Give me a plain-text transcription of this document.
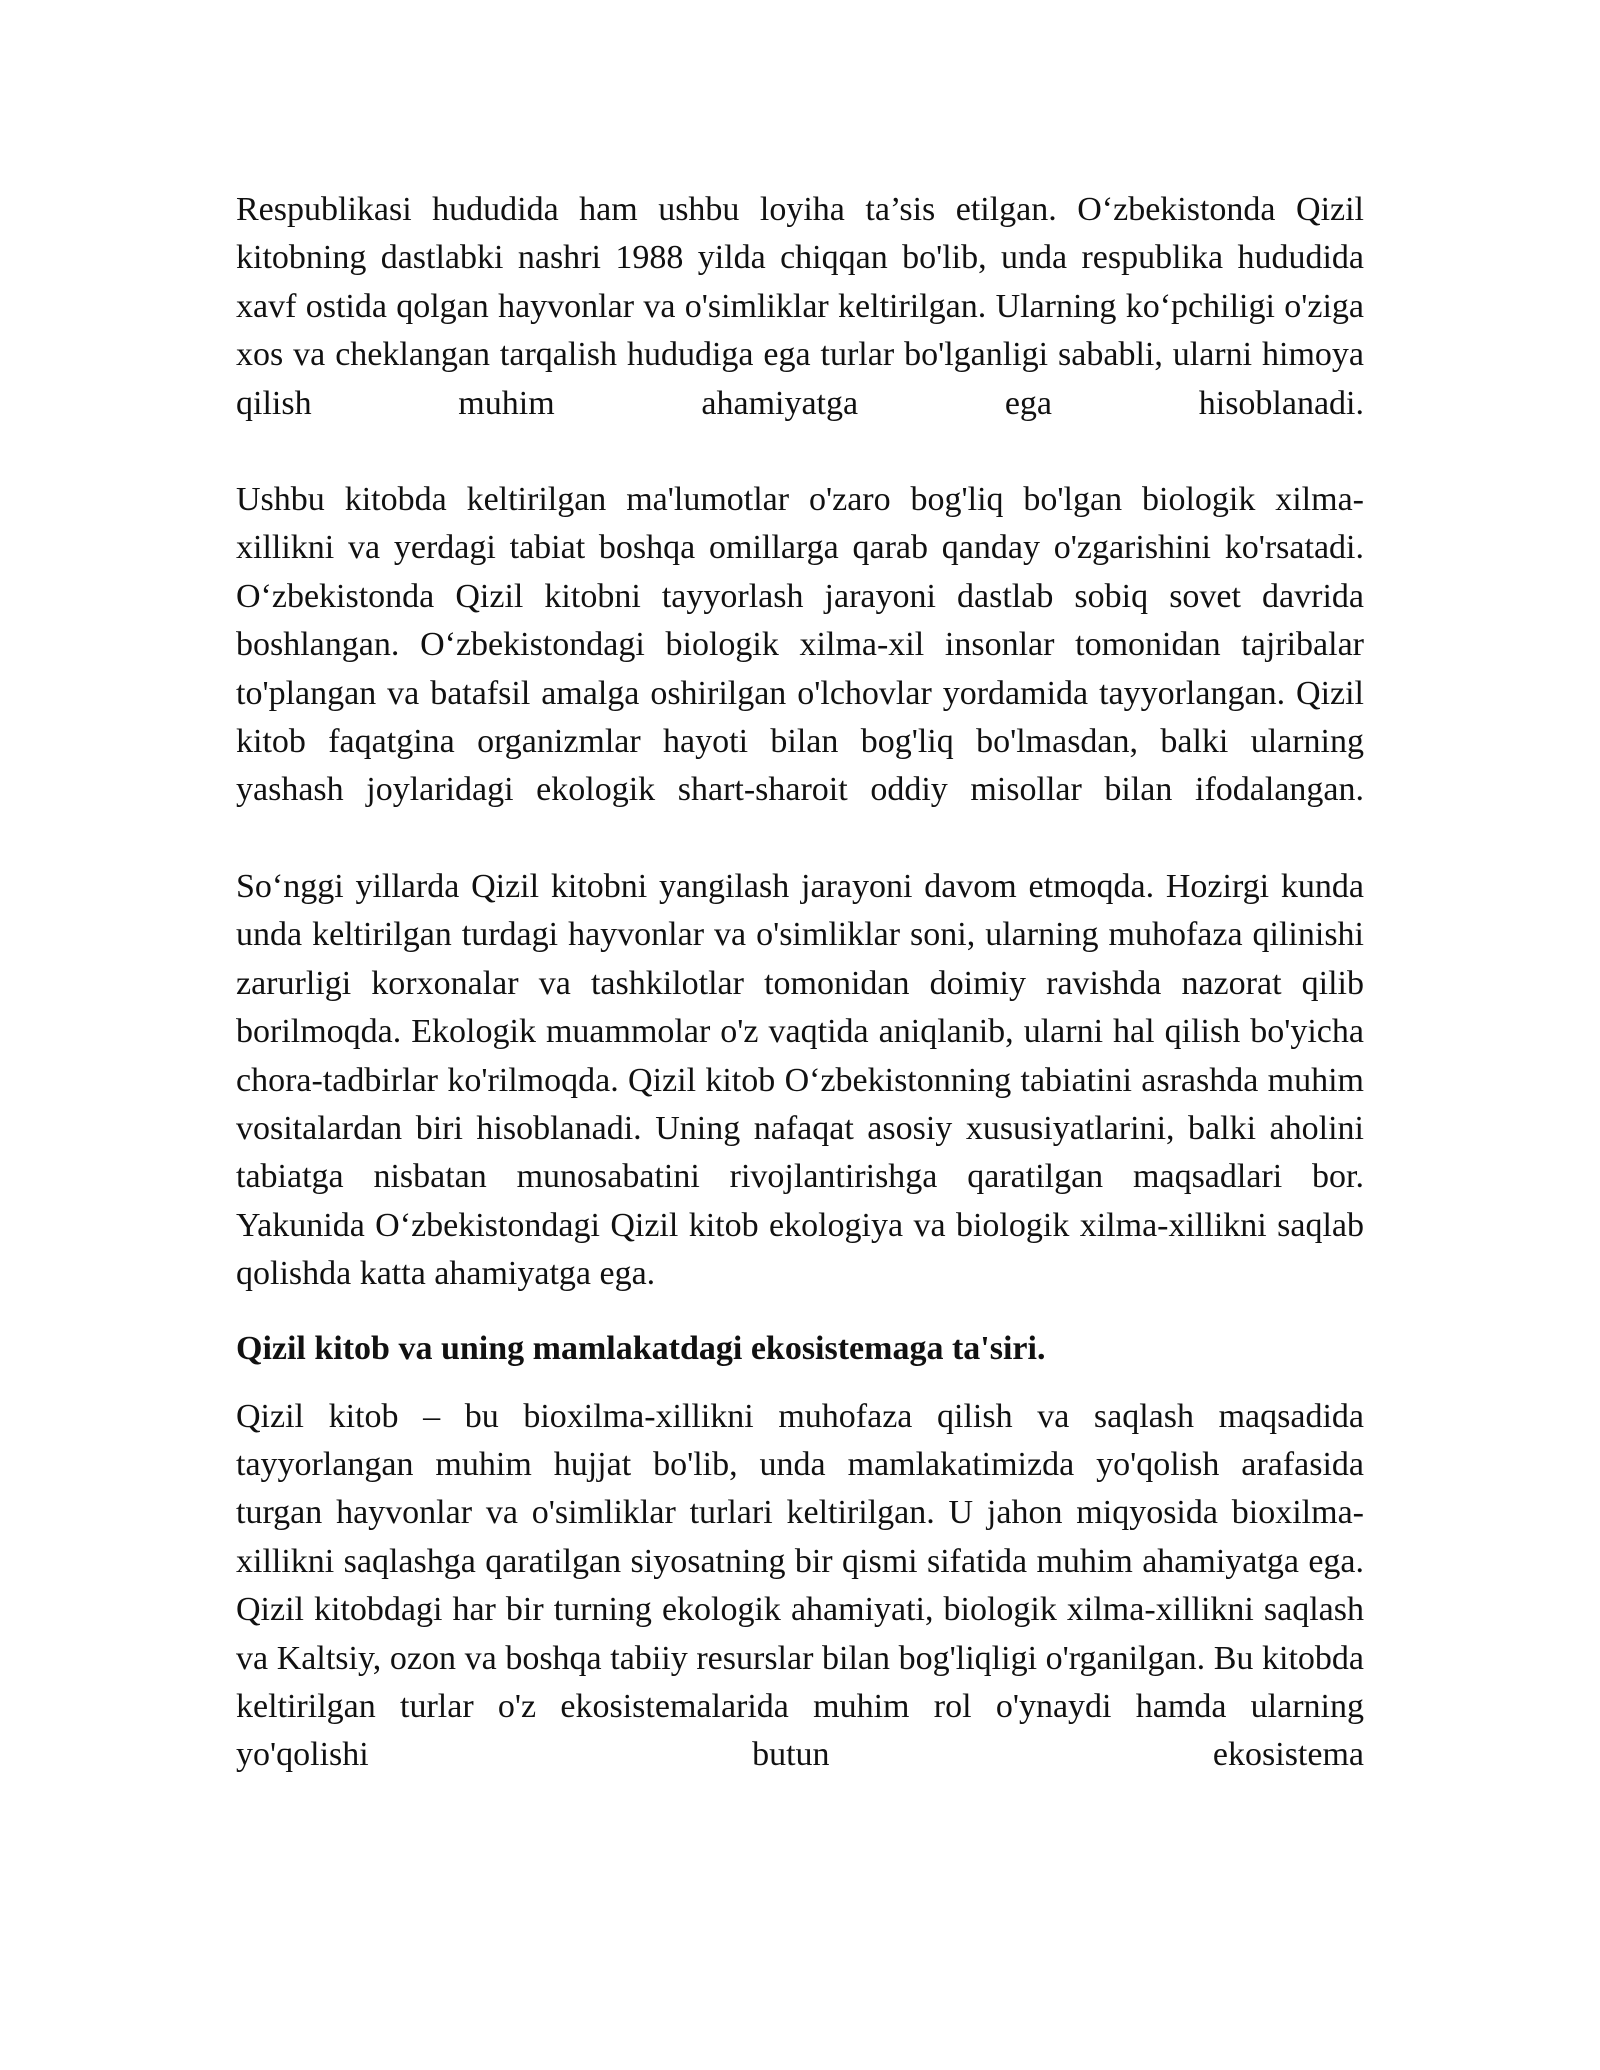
Respublikasi hududida ham ushbu loyiha ta’sis etilgan. O‘zbekistonda Qizil kitobning dastlabki nashri 1988 yilda chiqqan bo'lib, unda respublika hududida xavf ostida qolgan hayvonlar va o'simliklar keltirilgan. Ularning ko‘pchiligi o'ziga xos va cheklangan tarqalish hududiga ega turlar bo'lganligi sababli, ularni himoya qilish muhim ahamiyatga ega hisoblanadi.

Ushbu kitobda keltirilgan ma'lumotlar o'zaro bog'liq bo'lgan biologik xilma-xillikni va yerdagi tabiat boshqa omillarga qarab qanday o'zgarishini ko'rsatadi. O‘zbekistonda Qizil kitobni tayyorlash jarayoni dastlab sobiq sovet davrida boshlangan. O‘zbekistondagi biologik xilma-xil insonlar tomonidan tajribalar to'plangan va batafsil amalga oshirilgan o'lchovlar yordamida tayyorlangan. Qizil kitob faqatgina organizmlar hayoti bilan bog'liq bo'lmasdan, balki ularning yashash joylaridagi ekologik shart-sharoit oddiy misollar bilan ifodalangan.

So‘nggi yillarda Qizil kitobni yangilash jarayoni davom etmoqda. Hozirgi kunda unda keltirilgan turdagi hayvonlar va o'simliklar soni, ularning muhofaza qilinishi zarurligi korxonalar va tashkilotlar tomonidan doimiy ravishda nazorat qilib borilmoqda. Ekologik muammolar o'z vaqtida aniqlanib, ularni hal qilish bo'yicha chora-tadbirlar ko'rilmoqda. Qizil kitob O‘zbekistonning tabiatini asrashda muhim vositalardan biri hisoblanadi. Uning nafaqat asosiy xususiyatlarini, balki aholini tabiatga nisbatan munosabatini rivojlantirishga qaratilgan maqsadlari bor. Yakunida O‘zbekistondagi Qizil kitob ekologiya va biologik xilma-xillikni saqlab qolishda katta ahamiyatga ega.

Qizil kitob va uning mamlakatdagi ekosistemaga ta'siri.

Qizil kitob – bu bioxilma-xillikni muhofaza qilish va saqlash maqsadida tayyorlangan muhim hujjat bo'lib, unda mamlakatimizda yo'qolish arafasida turgan hayvonlar va o'simliklar turlari keltirilgan. U jahon miqyosida bioxilma-xillikni saqlashga qaratilgan siyosatning bir qismi sifatida muhim ahamiyatga ega. Qizil kitobdagi har bir turning ekologik ahamiyati, biologik xilma-xillikni saqlash va Kaltsiy, ozon va boshqa tabiiy resurslar bilan bog'liqligi o'rganilgan. Bu kitobda keltirilgan turlar o'z ekosistemalarida muhim rol o'ynaydi hamda ularning yo'qolishi butun ekosistema
